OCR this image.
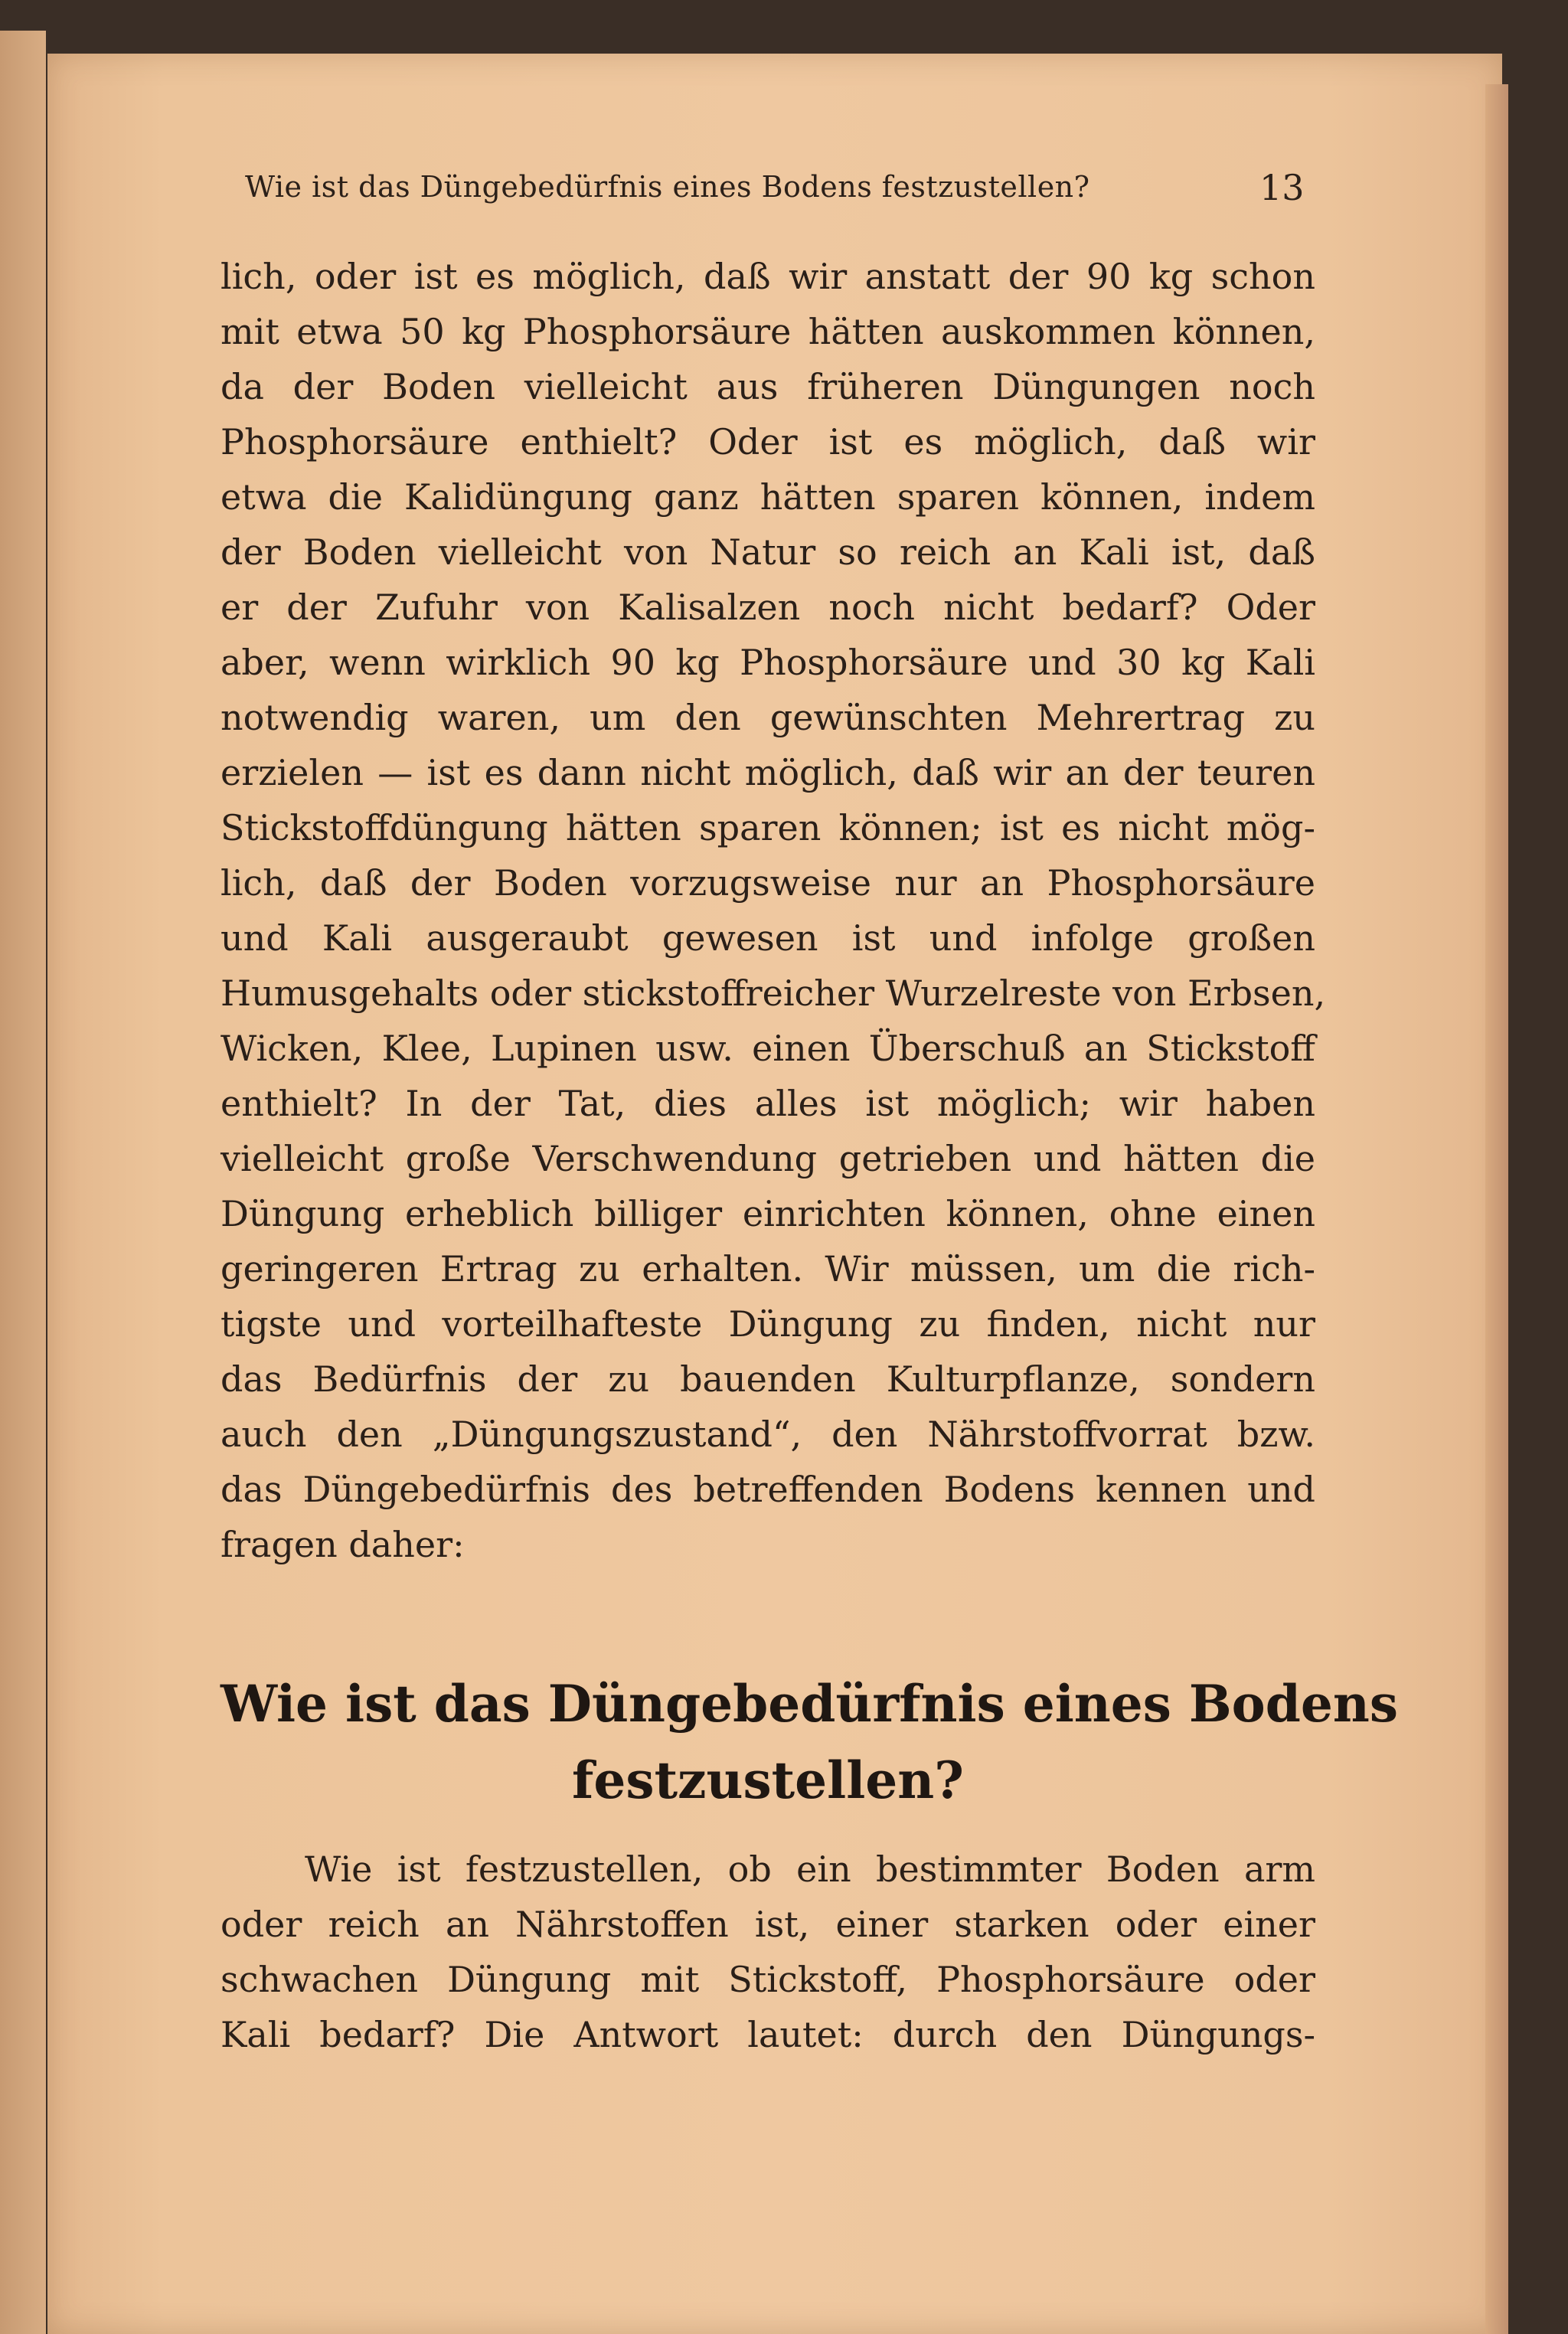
Wie ist das Düngebedürfnis eines Bodens festzustellen?	13
lich, oder ist es möglich, daß wir anstatt der 90 kg schon
mit etwa 50 kg Phosphorsäure hätten auskommen können,
da der Boden vielleicht aus früheren Düngungen noch
Phosphorsäure enthielt? Oder ist es möglich, daß wir
etwa die Kalidüngung ganz hätten sparen können, indem
der Boden vielleicht von Natur so reich an Kali ist, daß
er der Zufuhr von Kalisalzen noch nicht bedarf? Oder
aber, wenn wirklich 90 kg Phosphorsäure und 30 kg Kali
notwendig waren, um den gewünschten Mehrertrag zu
erzielen — ist es dann nicht möglich, daß wir an der teuren
Stickstoffdüngung hätten sparen können; ist es nicht mög-
lich, daß der Boden vorzugsweise nur an Phosphorsäure
und Kali ausgeraubt gewesen ist und infolge großen
Humusgehalts oder stickstoffreicher Wurzelreste von Erbsen,
Wicken, Klee, Lupinen usw. einen Überschuß an Stickstoff
enthielt? In der Tat, dies alles ist möglich; wir haben
vielleicht große Verschwendung getrieben und hätten die
Düngung erheblich billiger einrichten können, ohne einen
geringeren Ertrag zu erhalten. Wir müssen, um die rich-
tigste und vorteilhafteste Düngung zu finden, nicht nur
das Bedürfnis der zu bauenden Kulturpflanze, sondern
auch den „Düngungszustand“, den Nährstoffvorrat bzw.
das Düngebedürfnis des betreffenden Bodens kennen und
fragen daher:
Wie ist das Düngebedürfnis eines Bodens
festzustellen?
Wie ist festzustellen, ob ein bestimmter Boden arm
oder reich an Nährstoffen ist, einer starken oder einer
schwachen Düngung mit Stickstoff, Phosphorsäure oder
Kali bedarf? Die Antwort lautet: durch den Düngungs-
